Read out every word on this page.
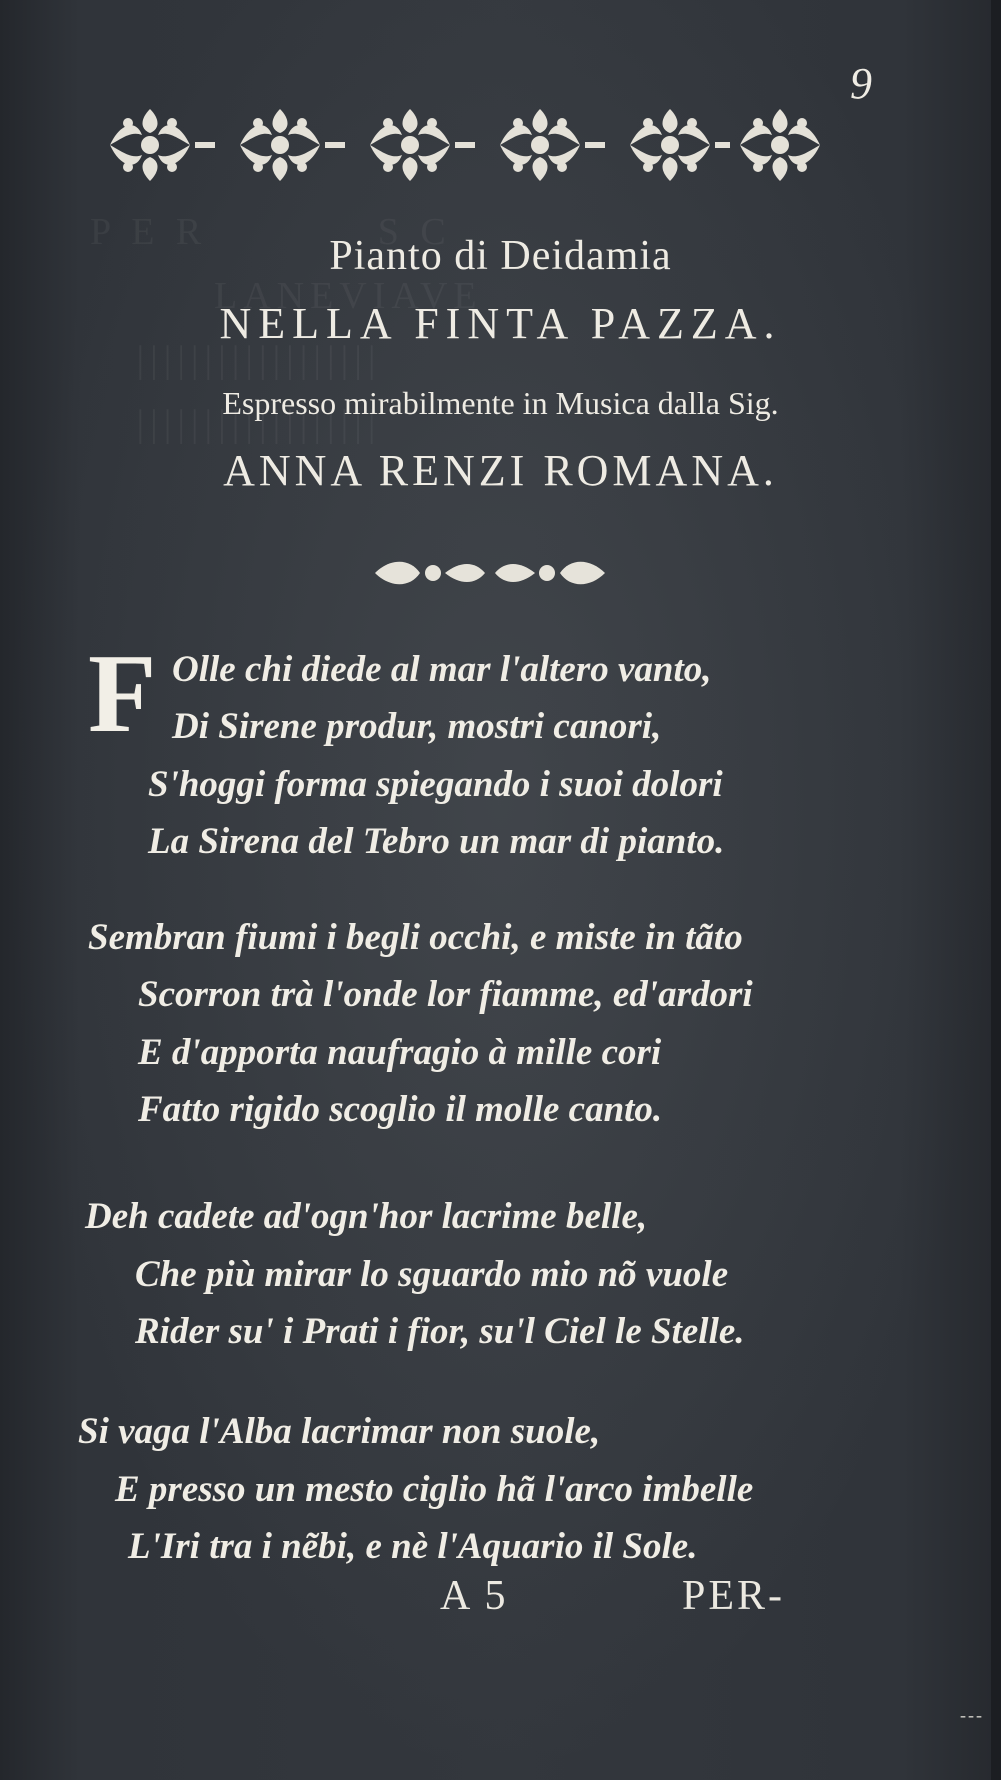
P E R           S C
LANEVIAVE
||||||||||||||||||
||||||||||||||||||
9
Pianto di Deidamia
NELLA FINTA PAZZA.
Espresso mirabilmente in Musica dalla Sig.
ANNA RENZI ROMANA.
F Olle chi diede al mar l'altero vanto,
Di Sirene produr, mostri canori,
S'hoggi forma spiegando i suoi dolori
La Sirena del Tebro un mar di pianto.
Sembran fiumi i begli occhi, e miste in tãto
Scorron trà l'onde lor fiamme, ed'ardori
E d'apporta naufragio à mille cori
Fatto rigido scoglio il molle canto.
Deh cadete ad'ogn'hor lacrime belle,
Che più mirar lo sguardo mio nõ vuole
Rider su' i Prati i fior, su'l Ciel le Stelle.
Si vaga l'Alba lacrimar non suole,
E presso un mesto ciglio hã l'arco imbelle
L'Iri tra i nẽbi, e nè l'Aquario il Sole.
A 5	PER-
---
